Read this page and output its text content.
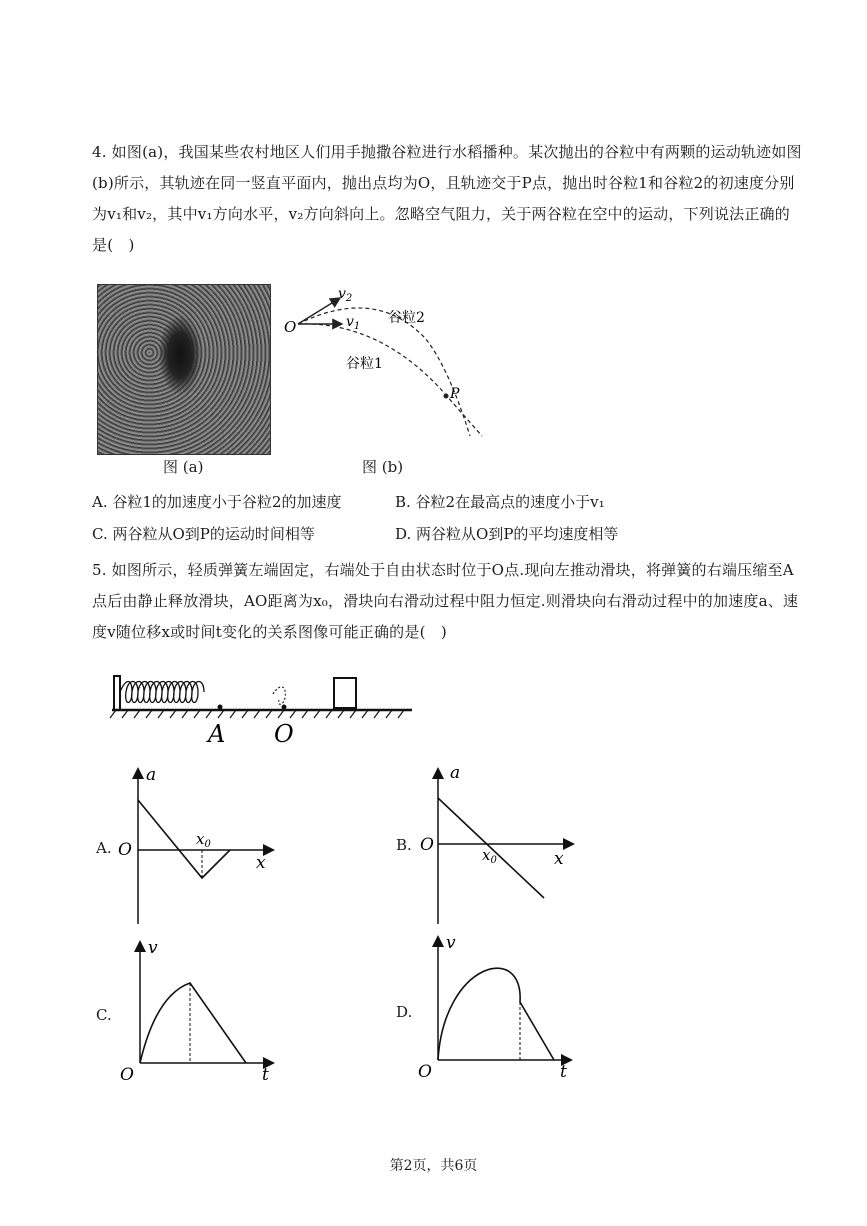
4. 如图(a)，我国某些农村地区人们用手抛撒谷粒进行水稻播种。某次抛出的谷粒中有两颗的运动轨迹如图(b)所示，其轨迹在同一竖直平面内，抛出点均为O，且轨迹交于P点，抛出时谷粒1和谷粒2的初速度分别为v₁和v₂，其中v₁方向水平，v₂方向斜向上。忽略空气阻力，关于两谷粒在空中的运动，下列说法正确的是(　)
图 (a)
O
$v_2$
$v_1$
谷粒2
谷粒1
P
图 (b)
A. 谷粒1的加速度小于谷粒2的加速度	B. 谷粒2在最高点的速度小于v₁
C. 两谷粒从O到P的运动时间相等	D. 两谷粒从O到P的平均速度相等
5. 如图所示，轻质弹簧左端固定，右端处于自由状态时位于O点.现向左推动滑块，将弹簧的右端压缩至A点后由静止释放滑块，AO距离为x₀，滑块向右滑动过程中阻力恒定.则滑块向右滑动过程中的加速度a、速度v随位移x或时间t变化的关系图像可能正确的是(　)
A O
A. O
a
x
$x_0$	B. O
a
x
$x_0$
C.
v
O	t
D.
v
O	t
第2页，共6页
